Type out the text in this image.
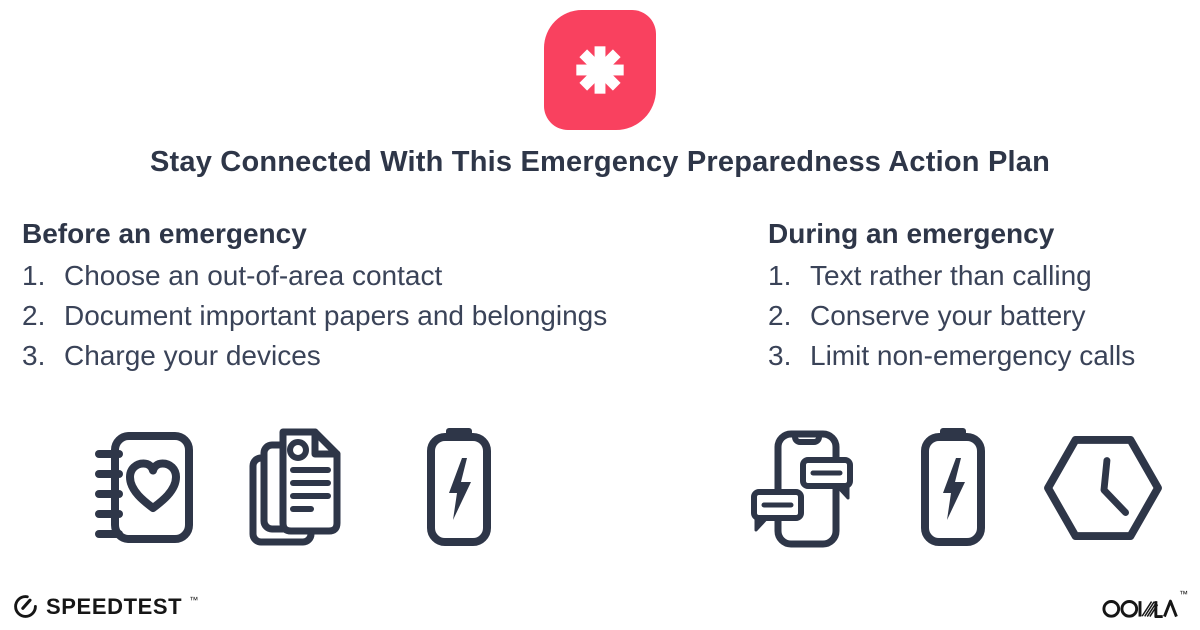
Stay Connected With This Emergency Preparedness Action Plan
Before an emergency
1. Choose an out-of-area contact
2. Document important papers and belongings
3. Charge your devices
During an emergency
1. Text rather than calling
2. Conserve your battery
3. Limit non-emergency calls
SPEEDTEST ™
™
